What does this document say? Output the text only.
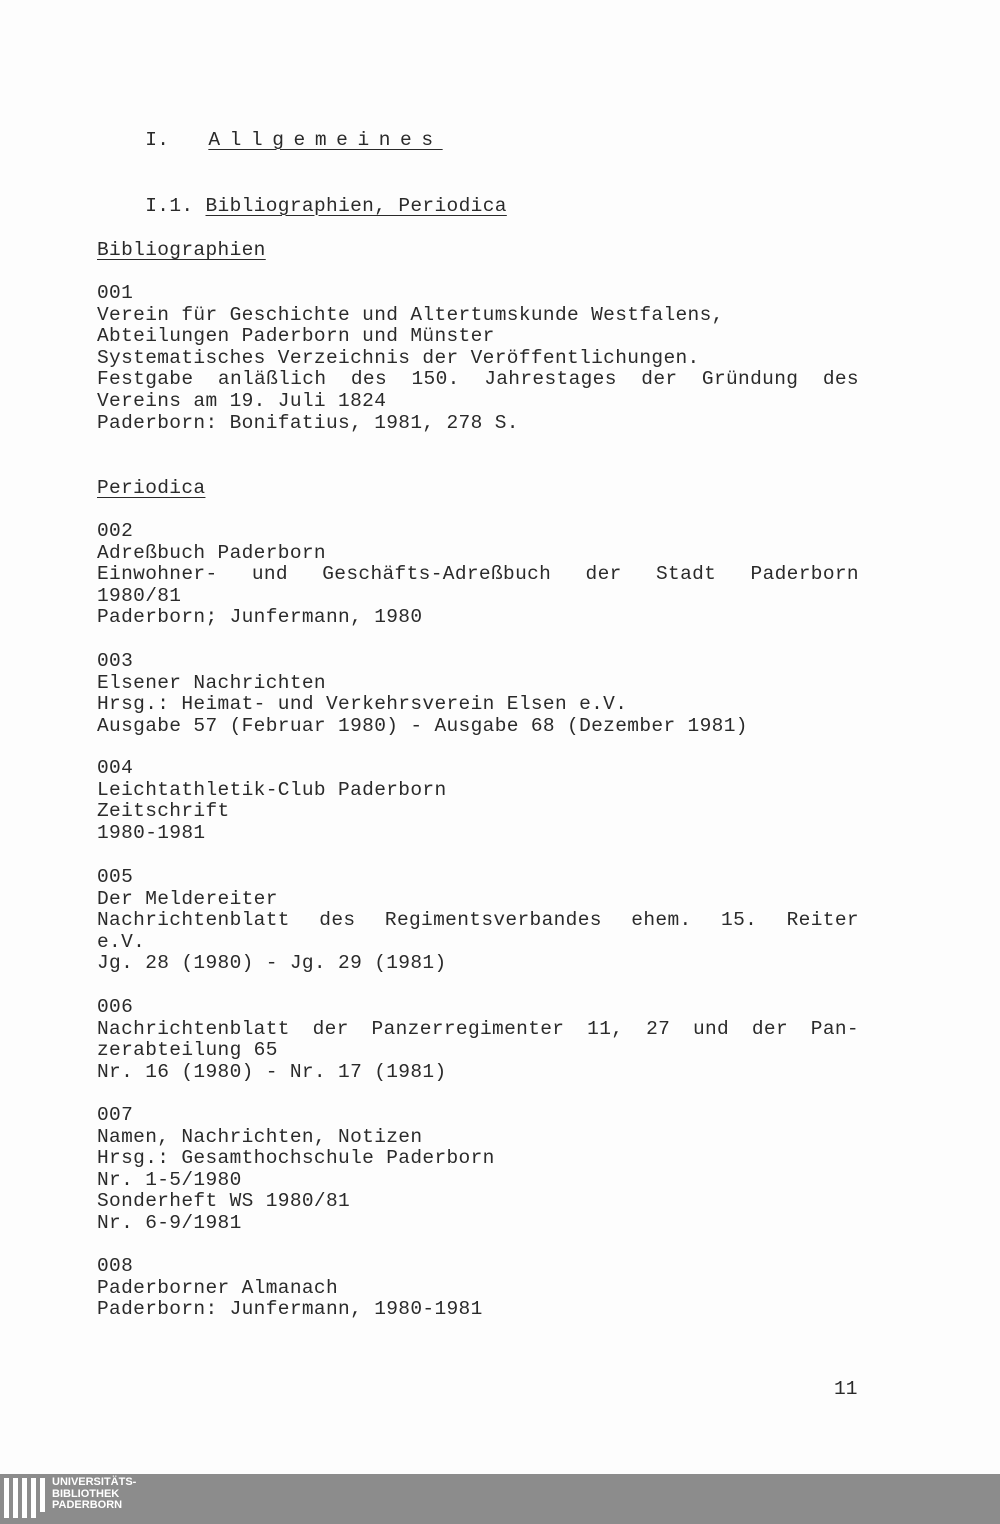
I. Allgemeines

I.1. Bibliographien, Periodica

Bibliographien
001
Verein für Geschichte und Altertumskunde Westfalens,
Abteilungen Paderborn und Münster
Systematisches Verzeichnis der Veröffentlichungen.
Festgabe anläßlich des 150. Jahrestages der Gründung des
Vereins am 19. Juli 1824
Paderborn: Bonifatius, 1981, 278 S.
Periodica
002
Adreßbuch Paderborn
Einwohner- und Geschäfts-Adreßbuch der Stadt Paderborn
1980/81
Paderborn; Junfermann, 1980
003
Elsener Nachrichten
Hrsg.: Heimat- und Verkehrsverein Elsen e.V.
Ausgabe 57 (Februar 1980) - Ausgabe 68 (Dezember 1981)
004
Leichtathletik-Club Paderborn
Zeitschrift
1980-1981
005
Der Meldereiter
Nachrichtenblatt des Regimentsverbandes ehem. 15. Reiter
e.V.
Jg. 28 (1980) - Jg. 29 (1981)
006
Nachrichtenblatt der Panzerregimenter 11, 27 und der Pan-
zerabteilung 65
Nr. 16 (1980) - Nr. 17 (1981)
007
Namen, Nachrichten, Notizen
Hrsg.: Gesamthochschule Paderborn
Nr. 1-5/1980
Sonderheft WS 1980/81
Nr. 6-9/1981
008
Paderborner Almanach
Paderborn: Junfermann, 1980-1981
11
UNIVERSITÄTS-
BIBLIOTHEK
PADERBORN
